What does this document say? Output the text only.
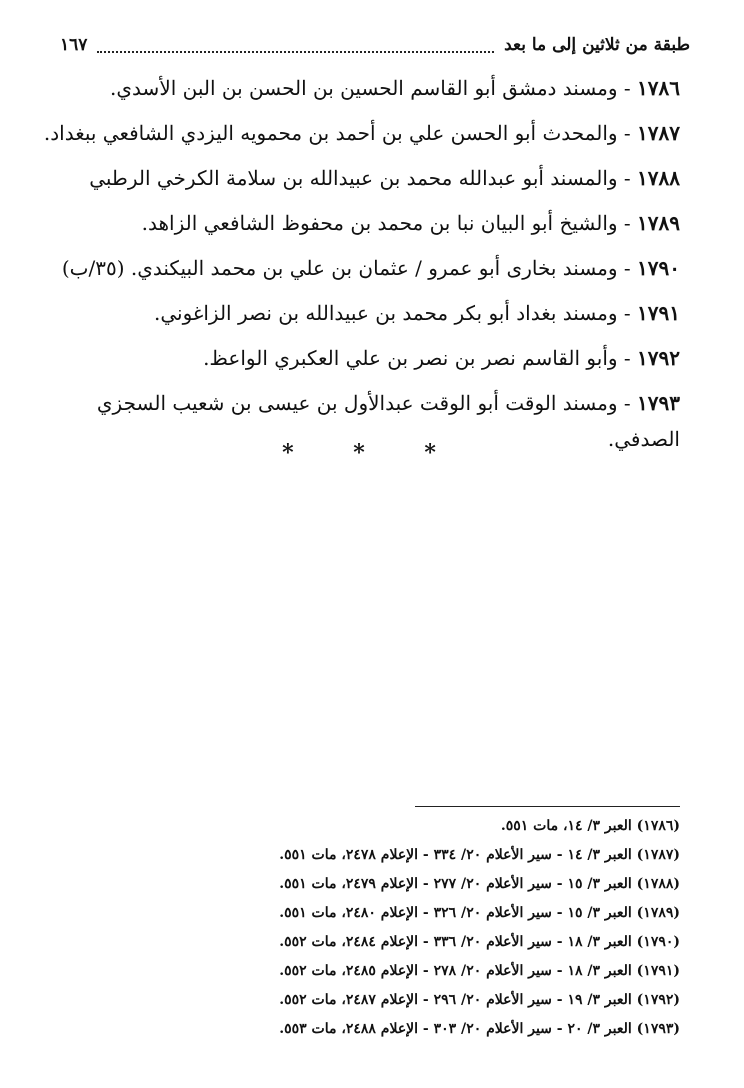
طبقة من ثلاثين إلى ما بعد
١٦٧
١٧٨٦ - ومسند دمشق أبو القاسم الحسين بن الحسن بن البن الأسدي.
١٧٨٧ - والمحدث أبو الحسن علي بن أحمد بن محمويه اليزدي الشافعي ببغداد.
١٧٨٨ - والمسند أبو عبدالله محمد بن عبيدالله بن سلامة الكرخي الرطبي
١٧٨٩ - والشيخ أبو البيان نبا بن محمد بن محفوظ الشافعي الزاهد.
١٧٩٠ - ومسند بخارى أبو عمرو / عثمان بن علي بن محمد البيكندي. (٣٥/ب)
١٧٩١ - ومسند بغداد أبو بكر محمد بن عبيدالله بن نصر الزاغوني.
١٧٩٢ - وأبو القاسم نصر بن نصر بن علي العكبري الواعظ.
١٧٩٣ - ومسند الوقت أبو الوقت عبدالأول بن عيسى بن شعيب السجزي الصدفي.
* * *
(١٧٨٦) العبر ٣/ ١٤، مات ٥٥١.
(١٧٨٧) العبر ٣/ ١٤ - سير الأعلام ٢٠/ ٣٣٤ - الإعلام ٢٤٧٨، مات ٥٥١.
(١٧٨٨) العبر ٣/ ١٥ - سير الأعلام ٢٠/ ٢٧٧ - الإعلام ٢٤٧٩، مات ٥٥١.
(١٧٨٩) العبر ٣/ ١٥ - سير الأعلام ٢٠/ ٣٢٦ - الإعلام ٢٤٨٠، مات ٥٥١.
(١٧٩٠) العبر ٣/ ١٨ - سير الأعلام ٢٠/ ٣٣٦ - الإعلام ٢٤٨٤، مات ٥٥٢.
(١٧٩١) العبر ٣/ ١٨ - سير الأعلام ٢٠/ ٢٧٨ - الإعلام ٢٤٨٥، مات ٥٥٢.
(١٧٩٢) العبر ٣/ ١٩ - سير الأعلام ٢٠/ ٢٩٦ - الإعلام ٢٤٨٧، مات ٥٥٢.
(١٧٩٣) العبر ٣/ ٢٠ - سير الأعلام ٢٠/ ٣٠٣ - الإعلام ٢٤٨٨، مات ٥٥٣.
